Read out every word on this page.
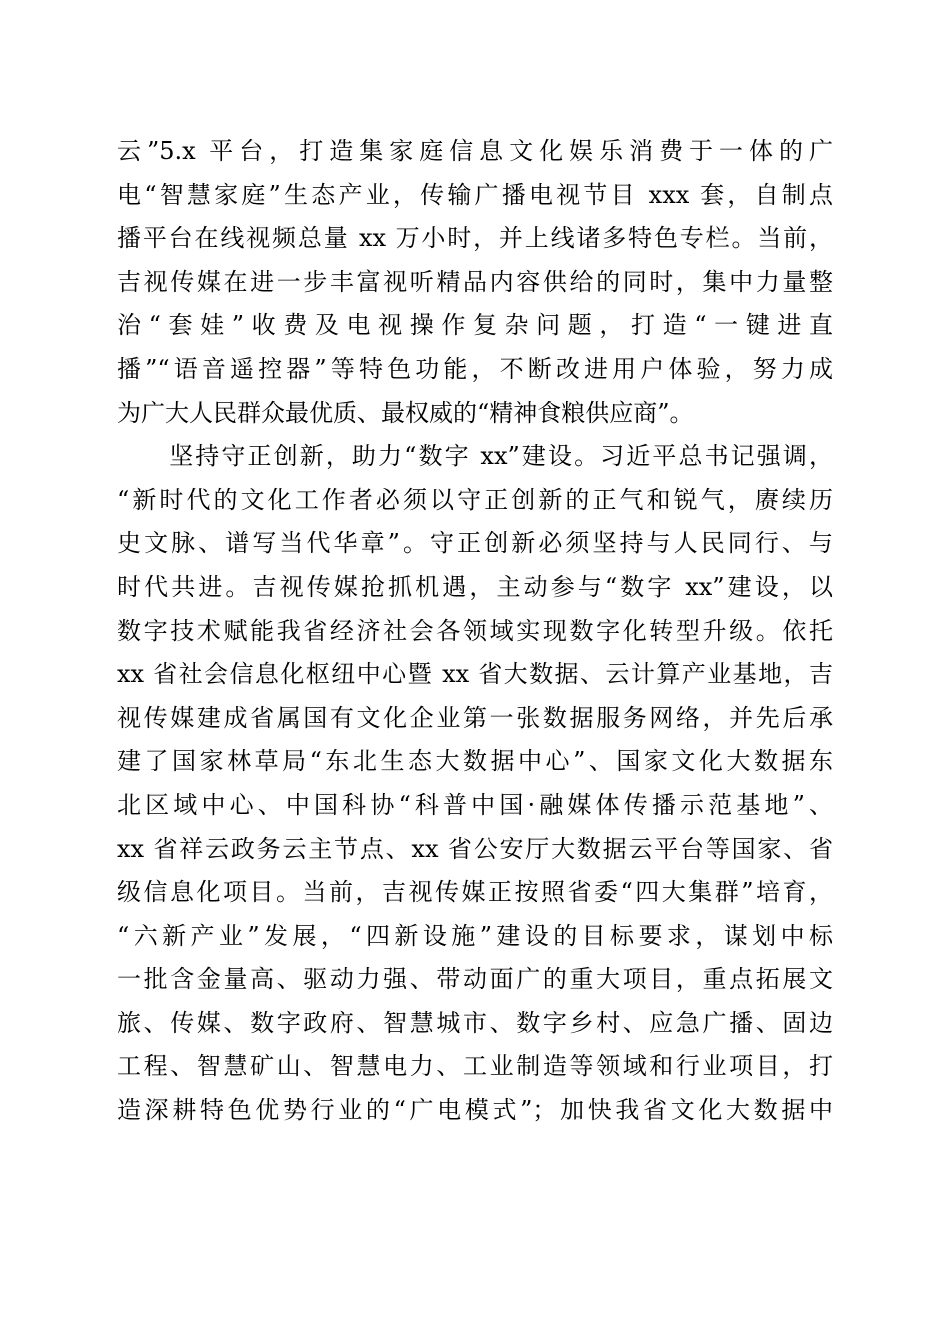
云”5.x 平台，打造集家庭信息文化娱乐消费于一体的广
电“智慧家庭”生态产业，传输广播电视节目 xxx 套，自制点
播平台在线视频总量 xx 万小时，并上线诸多特色专栏。当前，
吉视传媒在进一步丰富视听精品内容供给的同时，集中力量整
治“套娃”收费及电视操作复杂问题，打造“一键进直
播”“语音遥控器”等特色功能，不断改进用户体验，努力成
为广大人民群众最优质、最权威的“精神食粮供应商”。
　　坚持守正创新，助力“数字 xx”建设。习近平总书记强调，
“新时代的文化工作者必须以守正创新的正气和锐气，赓续历
史文脉、谱写当代华章”。守正创新必须坚持与人民同行、与
时代共进。吉视传媒抢抓机遇，主动参与“数字 xx”建设，以
数字技术赋能我省经济社会各领域实现数字化转型升级。依托
xx 省社会信息化枢纽中心暨 xx 省大数据、云计算产业基地，吉
视传媒建成省属国有文化企业第一张数据服务网络，并先后承
建了国家林草局“东北生态大数据中心”、国家文化大数据东
北区域中心、中国科协“科普中国·融媒体传播示范基地”、
xx 省祥云政务云主节点、xx 省公安厅大数据云平台等国家、省
级信息化项目。当前，吉视传媒正按照省委“四大集群”培育，
“六新产业”发展，“四新设施”建设的目标要求，谋划中标
一批含金量高、驱动力强、带动面广的重大项目，重点拓展文
旅、传媒、数字政府、智慧城市、数字乡村、应急广播、固边
工程、智慧矿山、智慧电力、工业制造等领域和行业项目，打
造深耕特色优势行业的“广电模式”；加快我省文化大数据中
